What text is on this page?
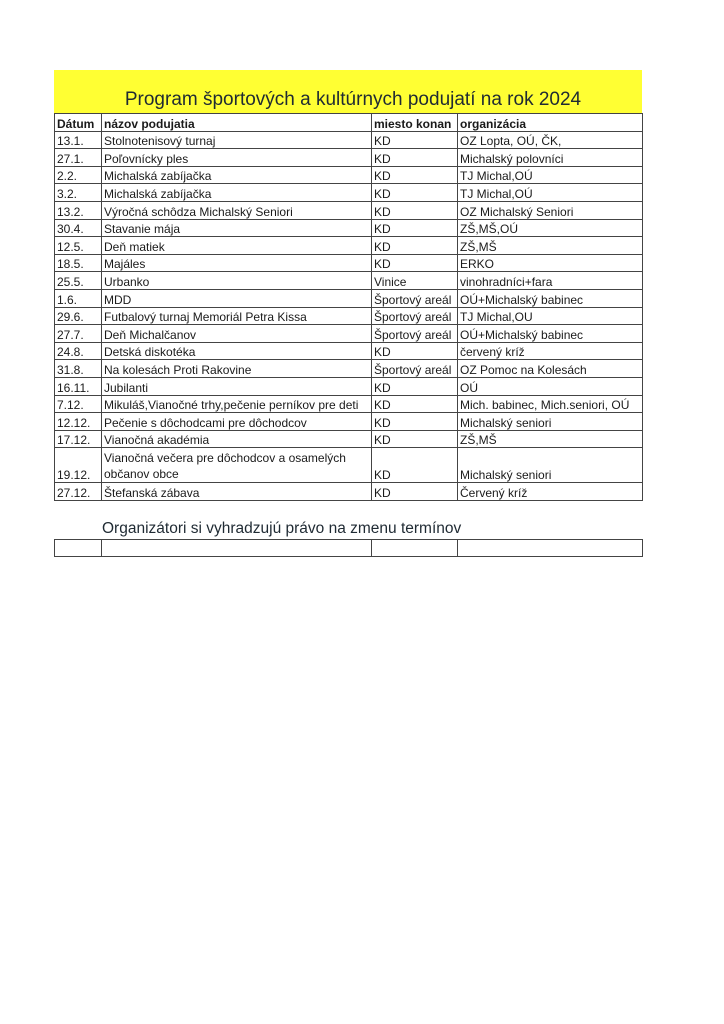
Program športových a kultúrnych podujatí na rok 2024
Dátum	názov podujatia	miesto konan	organizácia
13.1.	Stolnotenisový turnaj	KD	OZ Lopta, OÚ, ČK,
27.1.	Poľovnícky ples	KD	Michalský polovníci
2.2.	Michalská zabíjačka	KD	TJ Michal,OÚ
3.2.	Michalská zabíjačka	KD	TJ Michal,OÚ
13.2.	Výročná schôdza Michalský Seniori	KD	OZ Michalský Seniori
30.4.	Stavanie mája	KD	ZŠ,MŠ,OÚ
12.5.	Deň matiek	KD	ZŠ,MŠ
18.5.	Majáles	KD	ERKO
25.5.	Urbanko	Vinice	vinohradníci+fara
1.6.	MDD	Športový areál	OÚ+Michalský babinec
29.6.	Futbalový turnaj Memoriál Petra Kissa	Športový areál	TJ Michal,OU
27.7.	Deň Michalčanov	Športový areál	OÚ+Michalský babinec
24.8.	Detská diskotéka	KD	červený kríž
31.8.	Na kolesách Proti Rakovine	Športový areál	OZ Pomoc na Kolesách
16.11.	Jubilanti	KD	OÚ
7.12.	Mikuláš,Vianočné trhy,pečenie perníkov pre deti	KD	Mich. babinec, Mich.seniori, OÚ
12.12.	Pečenie s dôchodcami pre dôchodcov	KD	Michalský seniori
17.12.	Vianočná akadémia	KD	ZŠ,MŠ
19.12.	Vianočná večera pre dôchodcov a osamelých občanov obce	KD	Michalský seniori
27.12.	Štefanská zábava	KD	Červený kríž
Organizátori si vyhradzujú právo na zmenu termínov
